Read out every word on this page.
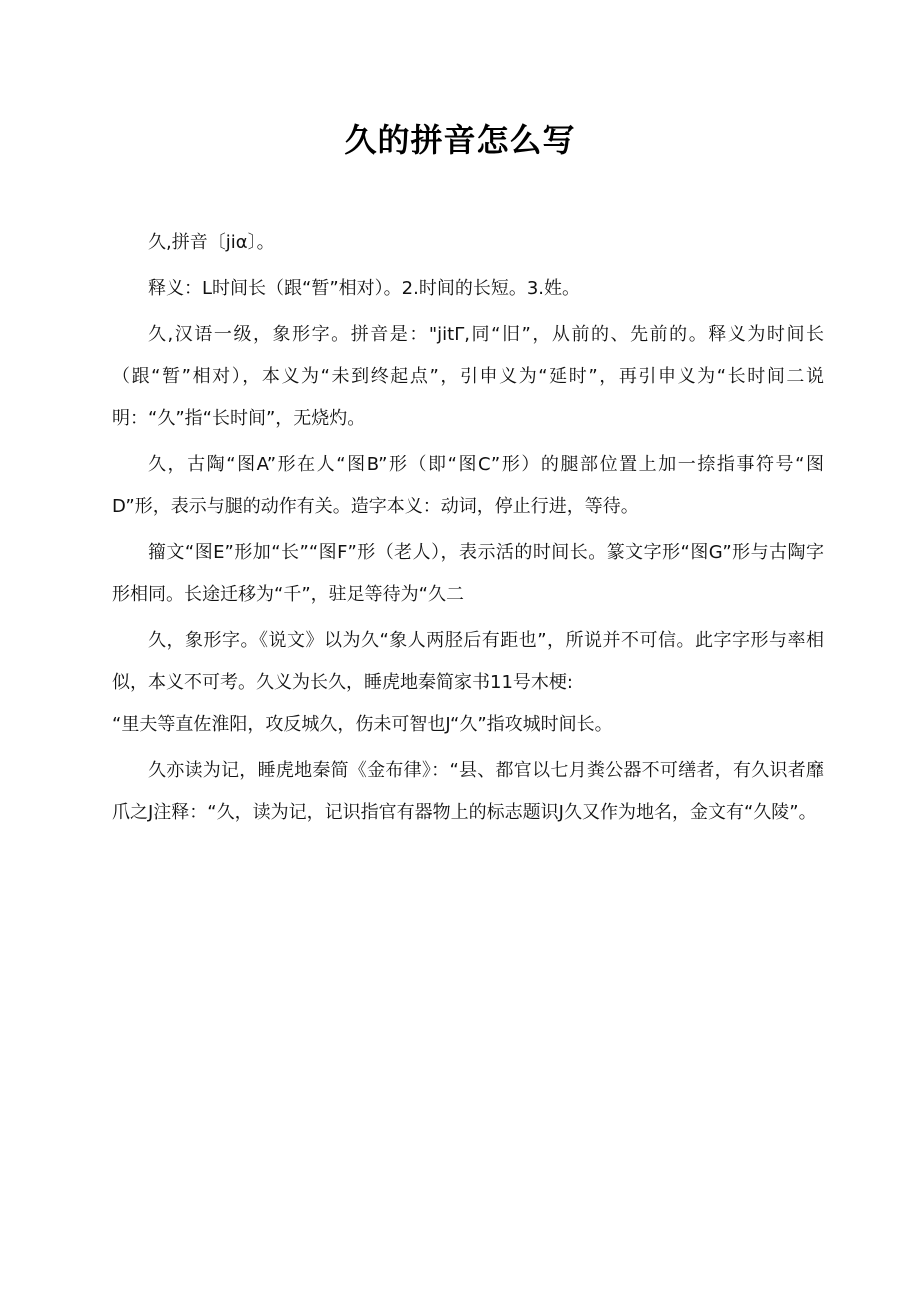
久的拼音怎么写

久,拼音〔jiα〕。

释义：L时间长（跟“暂”相对）。2.时间的长短。3.姓。

久,汉语一级，象形字。拼音是："jitΓ,同“旧”，从前的、先前的。释义为时间长（跟“暂”相对），本义为“未到终起点”，引申义为“延时”，再引申义为“长时间二说明：“久”指“长时间”，无烧灼。

久，古陶“图A”形在人“图B”形（即“图C”形）的腿部位置上加一捺指事符号“图D”形，表示与腿的动作有关。造字本义：动词，停止行进，等待。

籀文“图E”形加“长”“图F”形（老人），表示活的时间长。篆文字形“图G”形与古陶字形相同。长途迁移为“千”，驻足等待为“久二

久，象形字。《说文》以为久“象人两胫后有距也”，所说并不可信。此字字形与率相似，本义不可考。久义为长久，睡虎地秦简家书11号木梗:

“里夫等直佐淮阳，攻反城久，伤未可智也J“久”指攻城时间长。

久亦读为记，睡虎地秦简《金布律》：“县、都官以七月粪公器不可缮者，有久识者靡爪之J注释：“久，读为记，记识指官有器物上的标志题识J久又作为地名，金文有“久陵”。
